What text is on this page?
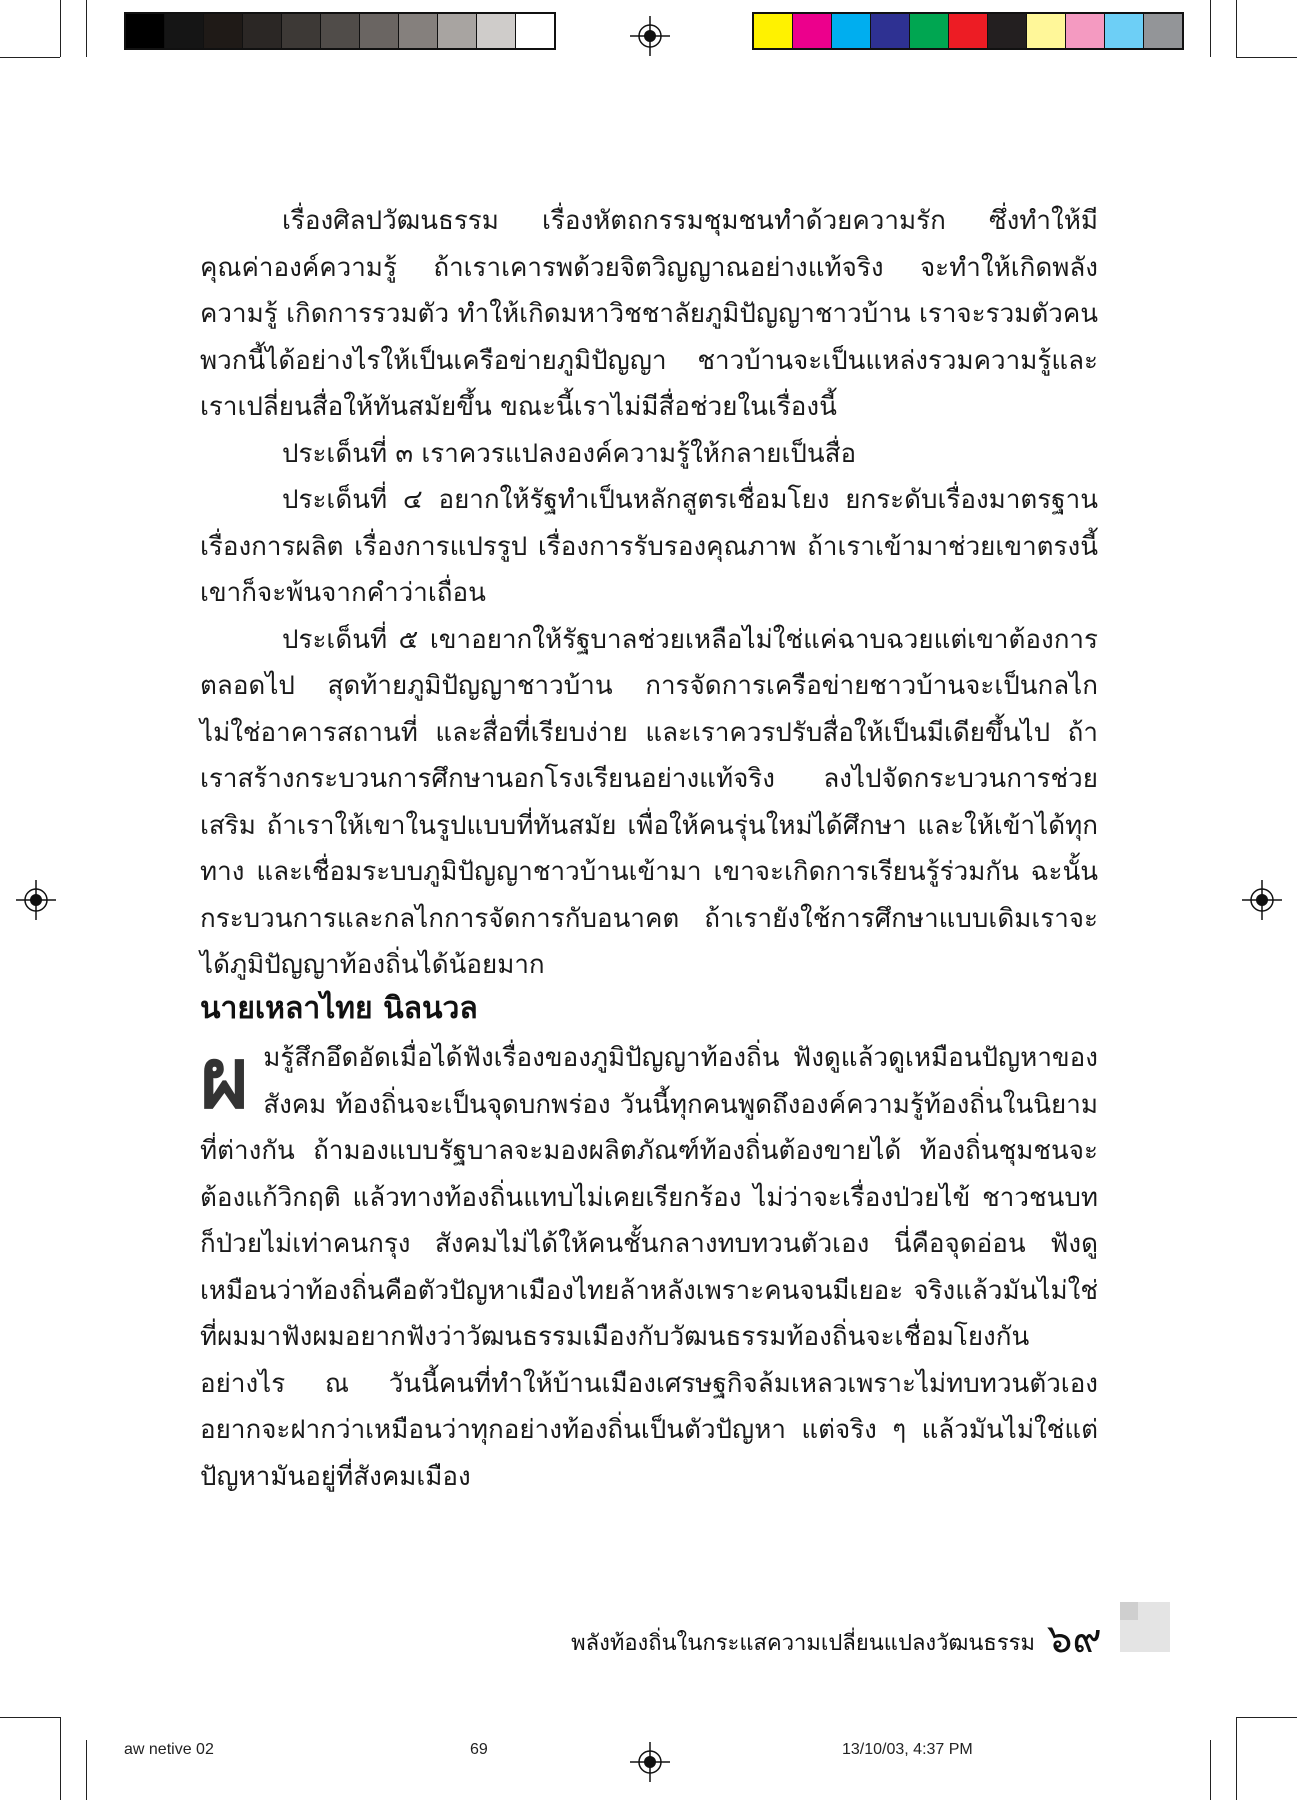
เรื่องศิลปวัฒนธรรม เรื่องหัตถกรรมชุมชนทำด้วยความรัก ซึ่งทำให้มีคุณค่าองค์ความรู้ ถ้าเราเคารพด้วยจิตวิญญาณอย่างแท้จริง จะทำให้เกิดพลังความรู้ เกิดการรวมตัว ทำให้เกิดมหาวิชชาลัยภูมิปัญญาชาวบ้าน เราจะรวมตัวคนพวกนี้ได้อย่างไรให้เป็นเครือข่ายภูมิปัญญา ชาวบ้านจะเป็นแหล่งรวมความรู้และเราเปลี่ยนสื่อให้ทันสมัยขึ้น ขณะนี้เราไม่มีสื่อช่วยในเรื่องนี้

ประเด็นที่ ๓ เราควรแปลงองค์ความรู้ให้กลายเป็นสื่อ

ประเด็นที่ ๔ อยากให้รัฐทำเป็นหลักสูตรเชื่อมโยง ยกระดับเรื่องมาตรฐาน เรื่องการผลิต เรื่องการแปรรูป เรื่องการรับรองคุณภาพ ถ้าเราเข้ามาช่วยเขาตรงนี้ เขาก็จะพ้นจากคำว่าเถื่อน

ประเด็นที่ ๕ เขาอยากให้รัฐบาลช่วยเหลือไม่ใช่แค่ฉาบฉวยแต่เขาต้องการตลอดไป สุดท้ายภูมิปัญญาชาวบ้าน การจัดการเครือข่ายชาวบ้านจะเป็นกลไก ไม่ใช่อาคารสถานที่ และสื่อที่เรียบง่าย และเราควรปรับสื่อให้เป็นมีเดียขึ้นไป ถ้าเราสร้างกระบวนการศึกษานอกโรงเรียนอย่างแท้จริง ลงไปจัดกระบวนการช่วยเสริม ถ้าเราให้เขาในรูปแบบที่ทันสมัย เพื่อให้คนรุ่นใหม่ได้ศึกษา และให้เข้าได้ทุกทาง และเชื่อมระบบภูมิปัญญาชาวบ้านเข้ามา เขาจะเกิดการเรียนรู้ร่วมกัน ฉะนั้นกระบวนการและกลไกการจัดการกับอนาคต ถ้าเรายังใช้การศึกษาแบบเดิมเราจะได้ภูมิปัญญาท้องถิ่นได้น้อยมาก

นายเหลาไทย นิลนวล
ผ มรู้สึกอึดอัดเมื่อได้ฟังเรื่องของภูมิปัญญาท้องถิ่น ฟังดูแล้วดูเหมือนปัญหาของสังคม ท้องถิ่นจะเป็นจุดบกพร่อง วันนี้ทุกคนพูดถึงองค์ความรู้ท้องถิ่นในนิยามที่ต่างกัน ถ้ามองแบบรัฐบาลจะมองผลิตภัณฑ์ท้องถิ่นต้องขายได้ ท้องถิ่นชุมชนจะต้องแก้วิกฤติ แล้วทางท้องถิ่นแทบไม่เคยเรียกร้อง ไม่ว่าจะเรื่องป่วยไข้ ชาวชนบทก็ป่วยไม่เท่าคนกรุง สังคมไม่ได้ให้คนชั้นกลางทบทวนตัวเอง นี่คือจุดอ่อน ฟังดูเหมือนว่าท้องถิ่นคือตัวปัญหาเมืองไทยล้าหลังเพราะคนจนมีเยอะ จริงแล้วมันไม่ใช่ ที่ผมมาฟังผมอยากฟังว่าวัฒนธรรมเมืองกับวัฒนธรรมท้องถิ่นจะเชื่อมโยงกันอย่างไร ณ วันนี้คนที่ทำให้บ้านเมืองเศรษฐกิจล้มเหลวเพราะไม่ทบทวนตัวเอง อยากจะฝากว่าเหมือนว่าทุกอย่างท้องถิ่นเป็นตัวปัญหา แต่จริง ๆ แล้วมันไม่ใช่แต่ปัญหามันอยู่ที่สังคมเมือง
พลังท้องถิ่นในกระแสความเปลี่ยนแปลงวัฒนธรรม ๖๙
aw netive 02	69	13/10/03, 4:37 PM
